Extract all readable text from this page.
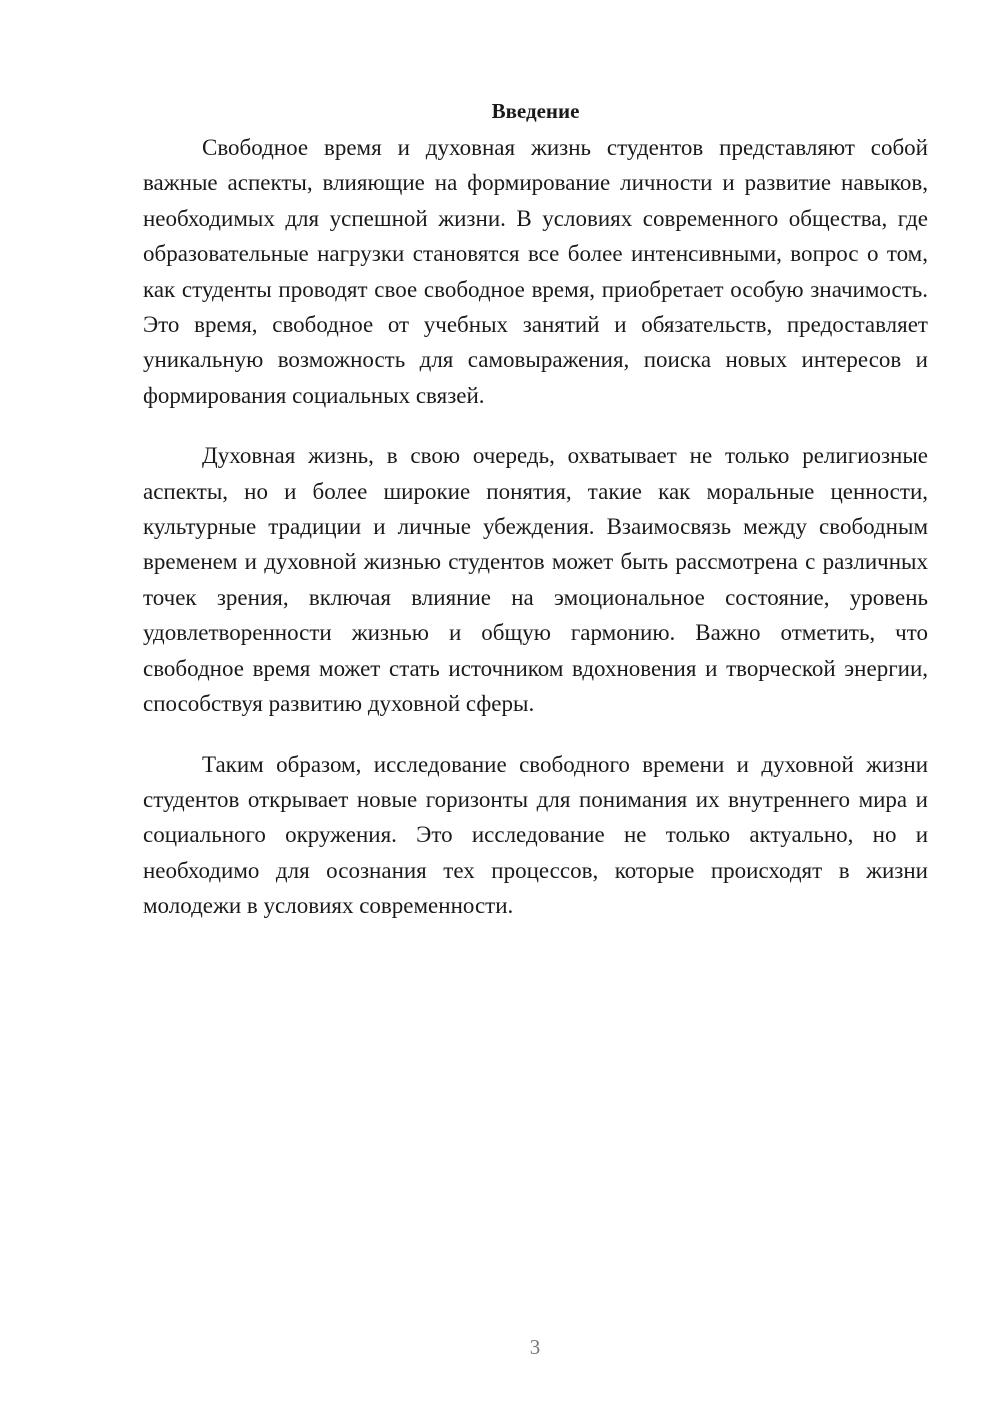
Введение

Свободное время и духовная жизнь студентов представляют собой важные аспекты, влияющие на формирование личности и развитие навыков, необходимых для успешной жизни. В условиях современного общества, где образовательные нагрузки становятся все более интенсивными, вопрос о том, как студенты проводят свое свободное время, приобретает особую значимость. Это время, свободное от учебных занятий и обязательств, предоставляет уникальную возможность для самовыражения, поиска новых интересов и формирования социальных связей.

Духовная жизнь, в свою очередь, охватывает не только религиозные аспекты, но и более широкие понятия, такие как моральные ценности, культурные традиции и личные убеждения. Взаимосвязь между свободным временем и духовной жизнью студентов может быть рассмотрена с различных точек зрения, включая влияние на эмоциональное состояние, уровень удовлетворенности жизнью и общую гармонию. Важно отметить, что свободное время может стать источником вдохновения и творческой энергии, способствуя развитию духовной сферы.

Таким образом, исследование свободного времени и духовной жизни студентов открывает новые горизонты для понимания их внутреннего мира и социального окружения. Это исследование не только актуально, но и необходимо для осознания тех процессов, которые происходят в жизни молодежи в условиях современности.

3
